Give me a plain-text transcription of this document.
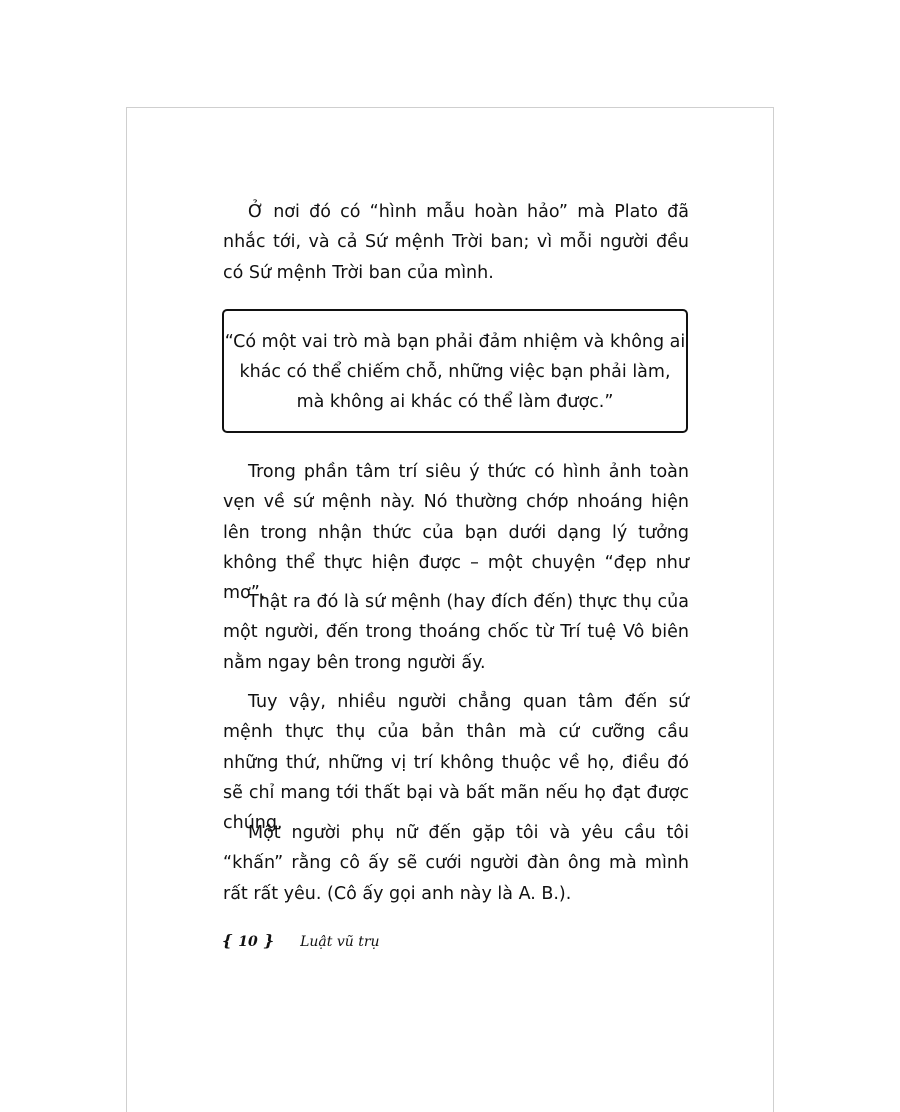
Ở nơi đó có “hình mẫu hoàn hảo” mà Plato đã nhắc tới, và cả Sứ mệnh Trời ban; vì mỗi người đều có Sứ mệnh Trời ban của mình.

“Có một vai trò mà bạn phải đảm nhiệm và không ai khác có thể chiếm chỗ, những việc bạn phải làm, mà không ai khác có thể làm được.”

Trong phần tâm trí siêu ý thức có hình ảnh toàn vẹn về sứ mệnh này. Nó thường chớp nhoáng hiện lên trong nhận thức của bạn dưới dạng lý tưởng không thể thực hiện được – một chuyện “đẹp như mơ”.

Thật ra đó là sứ mệnh (hay đích đến) thực thụ của một người, đến trong thoáng chốc từ Trí tuệ Vô biên nằm ngay bên trong người ấy.

Tuy vậy, nhiều người chẳng quan tâm đến sứ mệnh thực thụ của bản thân mà cứ cưỡng cầu những thứ, những vị trí không thuộc về họ, điều đó sẽ chỉ mang tới thất bại và bất mãn nếu họ đạt được chúng.

Một người phụ nữ đến gặp tôi và yêu cầu tôi “khấn” rằng cô ấy sẽ cưới người đàn ông mà mình rất rất yêu. (Cô ấy gọi anh này là A. B.).

{ 10 } Luật vũ trụ
